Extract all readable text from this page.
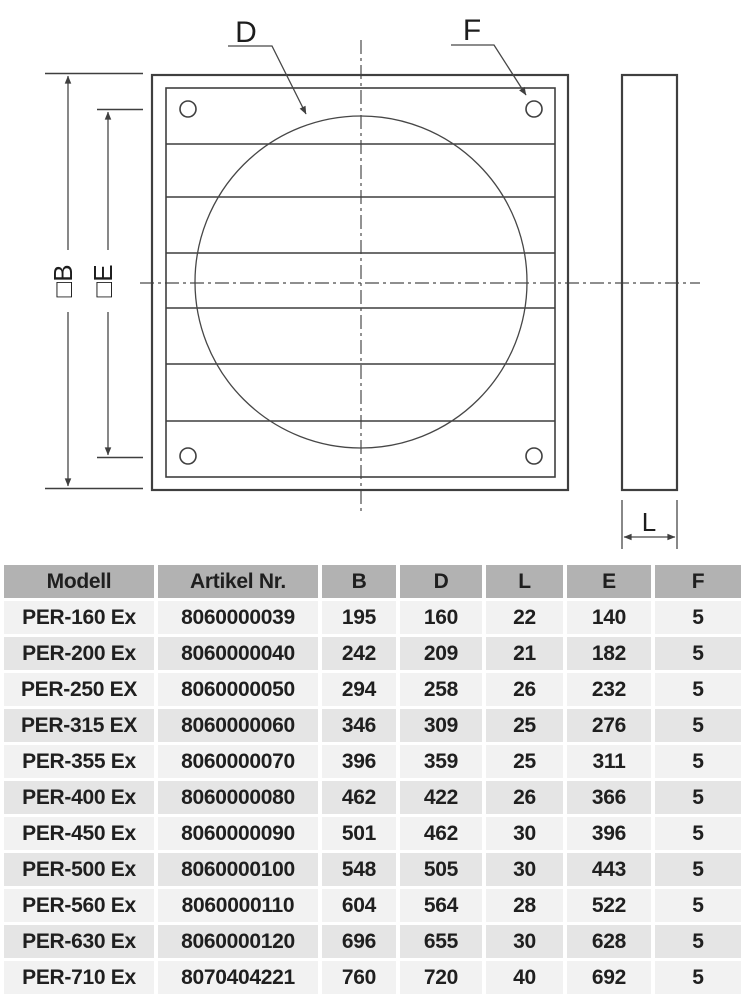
□B □E
D	F
L
Modell	Artikel Nr.	B	D	L	E	F
PER-160 Ex	8060000039	195	160	22	140	5
PER-200 Ex	8060000040	242	209	21	182	5
PER-250 EX	8060000050	294	258	26	232	5
PER-315 EX	8060000060	346	309	25	276	5
PER-355 Ex	8060000070	396	359	25	311	5
PER-400 Ex	8060000080	462	422	26	366	5
PER-450 Ex	8060000090	501	462	30	396	5
PER-500 Ex	8060000100	548	505	30	443	5
PER-560 Ex	8060000110	604	564	28	522	5
PER-630 Ex	8060000120	696	655	30	628	5
PER-710 Ex	8070404221	760	720	40	692	5
